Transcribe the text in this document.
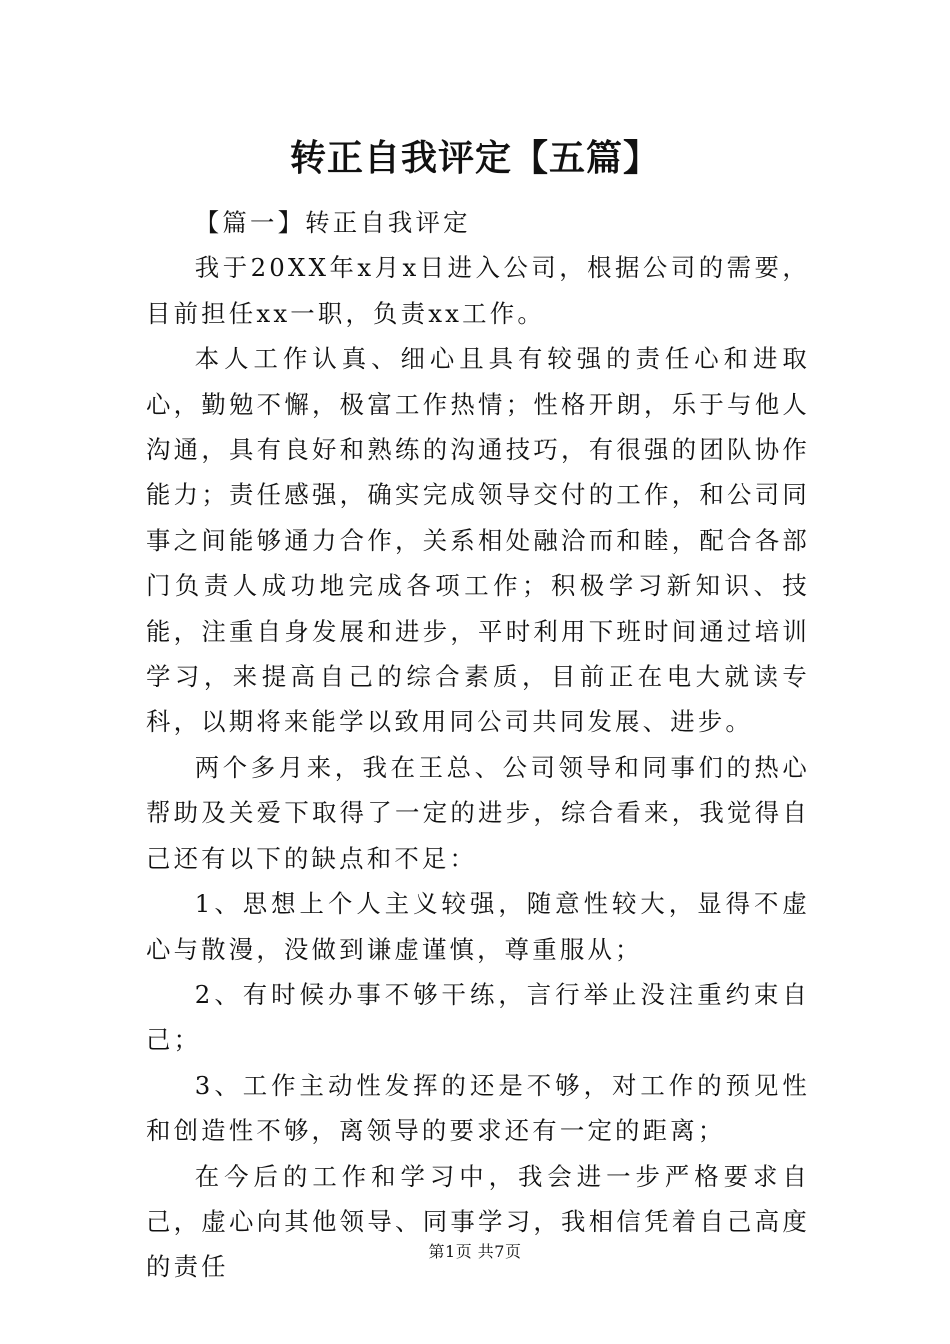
转正自我评定【五篇】

【篇一】转正自我评定

我于20XX年x月x日进入公司，根据公司的需要，目前担任xx一职，负责xx工作。

本人工作认真、细心且具有较强的责任心和进取心，勤勉不懈，极富工作热情；性格开朗，乐于与他人沟通，具有良好和熟练的沟通技巧，有很强的团队协作能力；责任感强，确实完成领导交付的工作，和公司同事之间能够通力合作，关系相处融洽而和睦，配合各部门负责人成功地完成各项工作；积极学习新知识、技能，注重自身发展和进步，平时利用下班时间通过培训学习，来提高自己的综合素质，目前正在电大就读专科，以期将来能学以致用同公司共同发展、进步。

两个多月来，我在王总、公司领导和同事们的热心帮助及关爱下取得了一定的进步，综合看来，我觉得自己还有以下的缺点和不足：

1、思想上个人主义较强，随意性较大，显得不虚心与散漫，没做到谦虚谨慎，尊重服从；

2、有时候办事不够干练，言行举止没注重约束自己；

3、工作主动性发挥的还是不够，对工作的预见性和创造性不够，离领导的要求还有一定的距离；

在今后的工作和学习中，我会进一步严格要求自己，虚心向其他领导、同事学习，我相信凭着自己高度的责任

第1页 共7页
